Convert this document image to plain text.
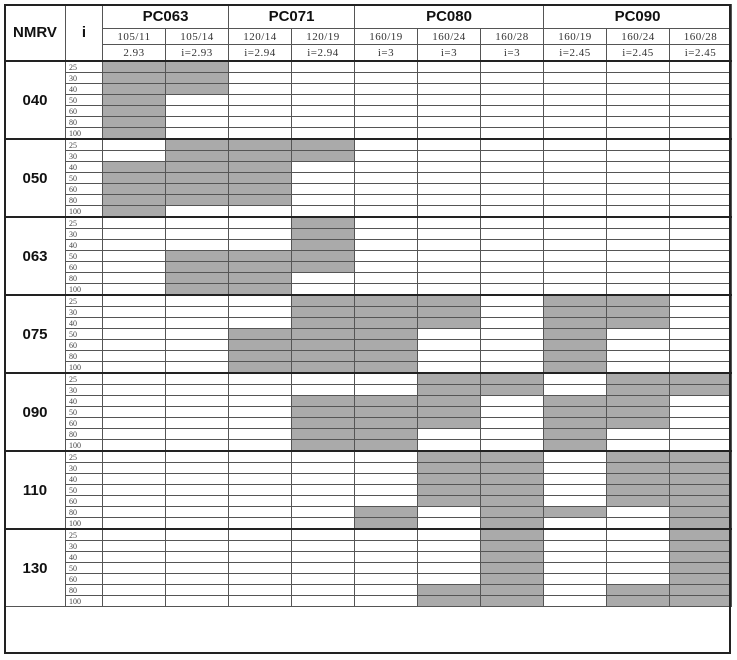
NMRV	i	PC063		PC071		PC080			PC090		
		105/11	105/14	120/14	120/19	160/19	160/24	160/28	160/19	160/24	160/28
		2.93	i=2.93	i=2.94	i=2.94	i=3	i=3	i=3	i=2.45	i=2.45	i=2.45
040	25										
	30										
	40										
	50										
	60										
	80										
	100										
050	25										
	30										
	40										
	50										
	60										
	80										
	100										
063	25										
	30										
	40										
	50										
	60										
	80										
	100										
075	25										
	30										
	40										
	50										
	60										
	80										
	100										
090	25										
	30										
	40										
	50										
	60										
	80										
	100										
110	25										
	30										
	40										
	50										
	60										
	80										
	100										
130	25										
	30										
	40										
	50										
	60										
	80										
	100										
